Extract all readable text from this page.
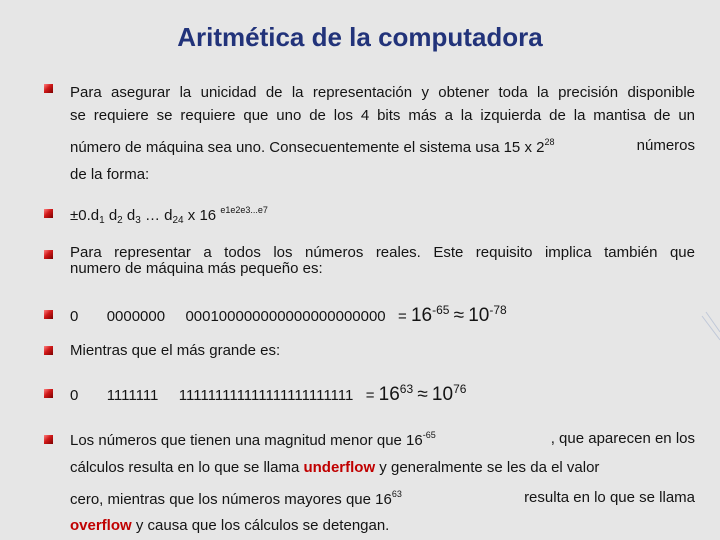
Aritmética de la computadora
Para asegurar la unicidad de la representación y obtener toda la precisión disponible
se requiere se requiere que uno de los 4 bits más a la izquierda de la mantisa de un
número de máquina sea uno. Consecuentemente el sistema usa 15 x $2^{28}$	números
de la forma:
$\pm 0.d_1$ $d_2$ $d_3$ … $d_{24}$ x 16 $^{e1e2e3...e7}$
Para representar a todos los números reales. Este requisito implica también que
numero de máquina más pequeño es:
0 0000000 $000100000000000000000000 = 16^{-65} \approx 10^{-78}$
Mientras que el más grande es:
0 1111111 $111111111111111111111111 = 16^{63} \approx 10^{76}$
Los números que tienen una magnitud menor que $16^{-65}$	, que aparecen en los
cálculos resulta en lo que se llama underflow y generalmente se les da el valor
cero, mientras que los números mayores que $16^{63}$	resulta en lo que se llama
overflow y causa que los cálculos se detengan.
